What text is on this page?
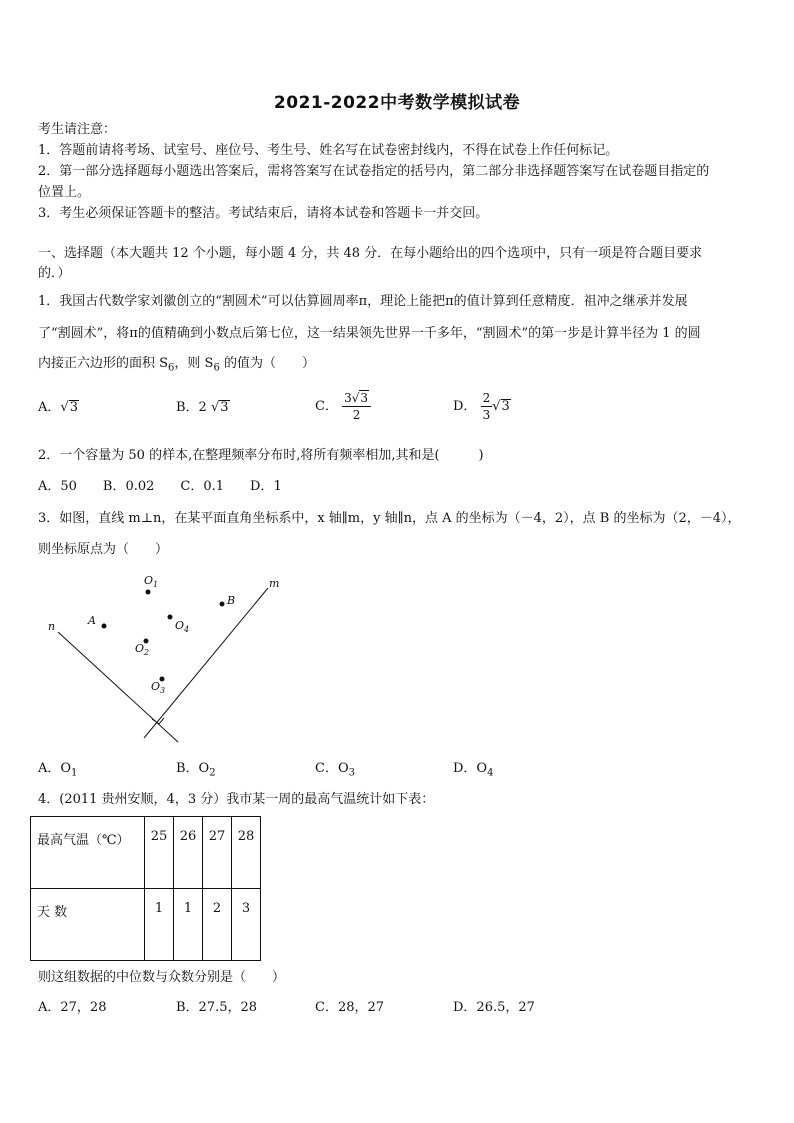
2021-2022中考数学模拟试卷
考生请注意：
1．答题前请将考场、试室号、座位号、考生号、姓名写在试卷密封线内，不得在试卷上作任何标记。
2．第一部分选择题每小题选出答案后，需将答案写在试卷指定的括号内，第二部分非选择题答案写在试卷题目指定的
位置上。
3．考生必须保证答题卡的整洁。考试结束后，请将本试卷和答题卡一并交回。
一、选择题（本大题共 12 个小题，每小题 4 分，共 48 分．在每小题给出的四个选项中，只有一项是符合题目要求
的．）
1．我国古代数学家刘徽创立的“割圆术”可以估算圆周率π，理论上能把π的值计算到任意精度．祖冲之继承并发展
了“割圆术”，将π的值精确到小数点后第七位，这一结果领先世界一千多年，“割圆术”的第一步是计算半径为 1 的圆
内接正六边形的面积 $S_6$，则 $S_6$ 的值为（　　）
A．√3	B．2 √3	C． $\frac{3√3}{2}$	D． $\frac{2}{3} √3$
2．一个容量为 50 的样本,在整理频率分布时,将所有频率相加,其和是(　　　)
A．50　　B．0.02　　C．0.1　　D．1
3．如图，直线 m⊥n，在某平面直角坐标系中，x 轴∥m，y 轴∥n，点 A 的坐标为（－4，2），点 B 的坐标为（2，－4），
则坐标原点为（　　）
m
n	A
B
$O_1$
$O_4$
$O_2$
$O_3$
A．$O_1$	B．$O_2$	C．$O_3$	D．$O_4$
4．(2011 贵州安顺，4，3 分）我市某一周的最高气温统计如下表：
最高气温（℃）	25	26	27	28
天 数	1	1	2	3
则这组数据的中位数与众数分别是（　　）
A．27，28	B．27.5，28	C．28，27	D．26.5，27
